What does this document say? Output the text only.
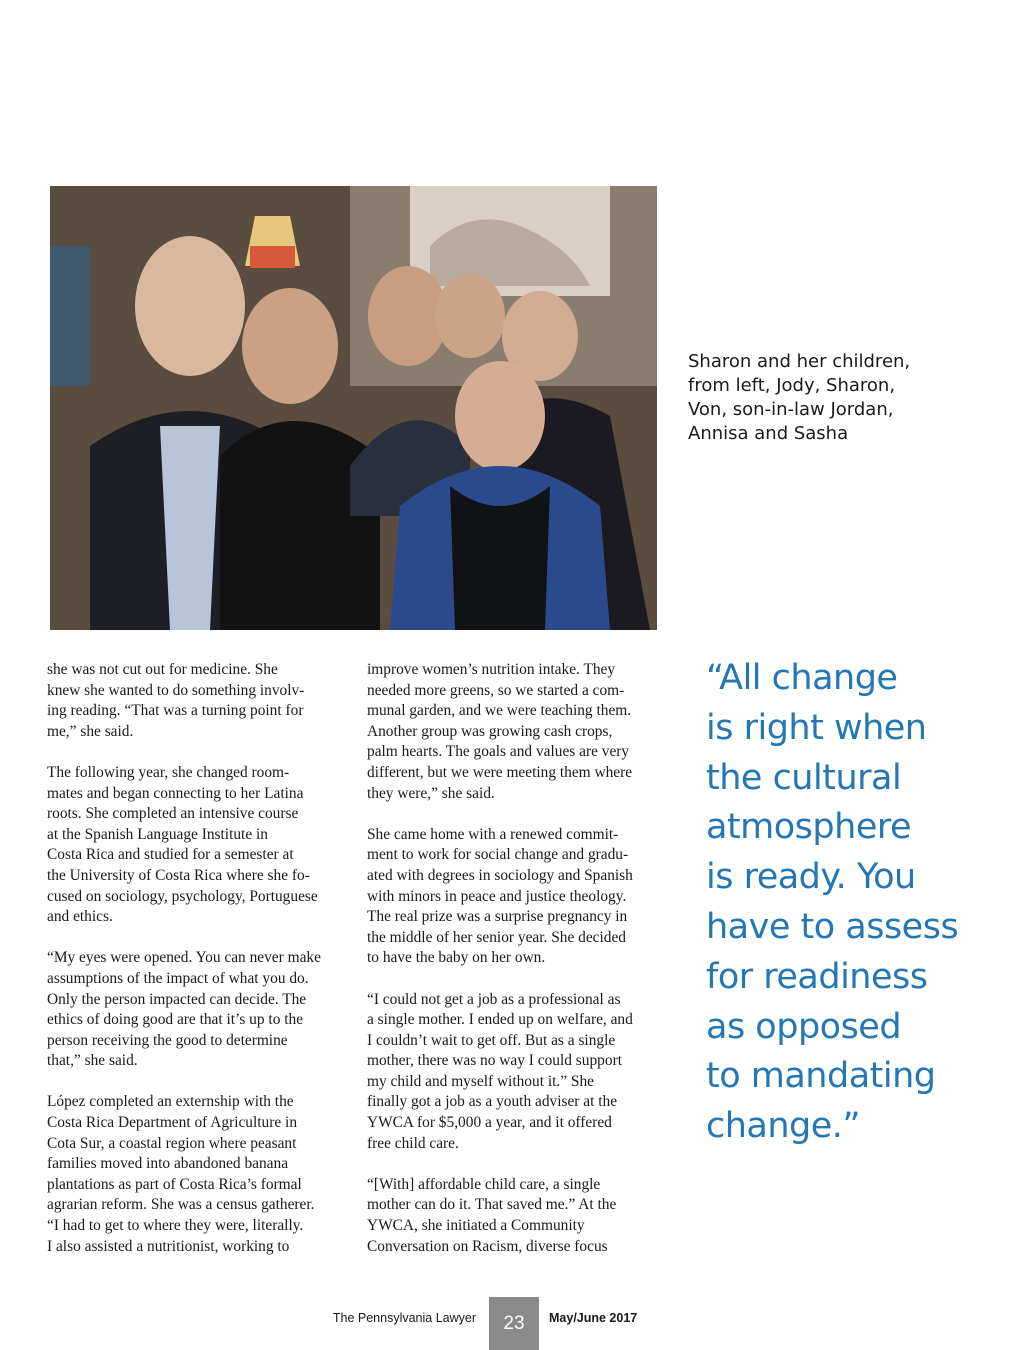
Sharon and her children,
from left, Jody, Sharon,
Von, son-in-law Jordan,
Annisa and Sasha
she was not cut out for medicine. She
knew she wanted to do something involv-
ing reading. “That was a turning point for
me,” she said.
The following year, she changed room-
mates and began connecting to her Latina
roots. She completed an intensive course
at the Spanish Language Institute in
Costa Rica and studied for a semester at
the University of Costa Rica where she fo-
cused on sociology, psychology, Portuguese
and ethics.
“My eyes were opened. You can never make
assumptions of the impact of what you do.
Only the person impacted can decide. The
ethics of doing good are that it’s up to the
person receiving the good to determine
that,” she said.
López completed an externship with the
Costa Rica Department of Agriculture in
Cota Sur, a coastal region where peasant
families moved into abandoned banana
plantations as part of Costa Rica’s formal
agrarian reform. She was a census gatherer.
“I had to get to where they were, literally.
I also assisted a nutritionist, working to
improve women’s nutrition intake. They
needed more greens, so we started a com-
munal garden, and we were teaching them.
Another group was growing cash crops,
palm hearts. The goals and values are very
different, but we were meeting them where
they were,” she said.
She came home with a renewed commit-
ment to work for social change and gradu-
ated with degrees in sociology and Spanish
with minors in peace and justice theology.
The real prize was a surprise pregnancy in
the middle of her senior year. She decided
to have the baby on her own.
“I could not get a job as a professional as
a single mother. I ended up on welfare, and
I couldn’t wait to get off. But as a single
mother, there was no way I could support
my child and myself without it.” She
finally got a job as a youth adviser at the
YWCA for $5,000 a year, and it offered
free child care.
“[With] affordable child care, a single
mother can do it. That saved me.” At the
YWCA, she initiated a Community
Conversation on Racism, diverse focus
“All change
is right when
the cultural
atmosphere
is ready. You
have to assess
for readiness
as opposed
to mandating
change.”
The Pennsylvania Lawyer	23	May/June 2017
